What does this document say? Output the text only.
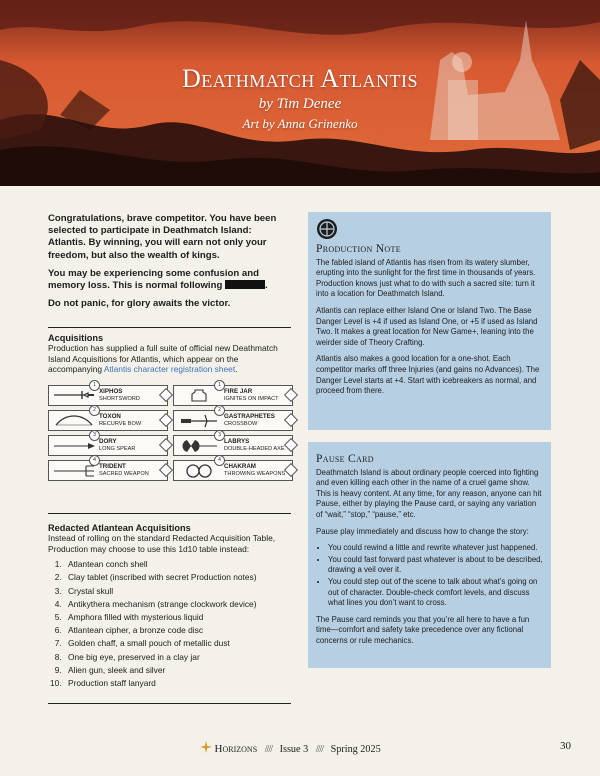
Deathmatch Atlantis
by Tim Denee
Art by Anna Grinenko

Congratulations, brave competitor. You have been selected to participate in Deathmatch Island: Atlantis. By winning, you will earn not only your freedom, but also the wealth of kings.

You may be experiencing some confusion and memory loss. This is normal following	.

Do not panic, for glory awaits the victor.

Acquisitions

Production has supplied a full suite of official new Deathmatch Island Acquisitions for Atlantis, which appear on the accompanying Atlantis character registration sheet.

1
XIPHOS
SHORTSWORD
1
FIRE JAR
IGNITES ON IMPACT
2
TOXON
RECURVE BOW
2
GASTRAPHETES
CROSSBOW
3
DORY
LONG SPEAR
3
LABRYS
DOUBLE-HEADED AXE
4
TRIDENT
SACRED WEAPON
4
CHAKRAM
THROWING WEAPONS

Redacted Atlantean Acquisitions

Instead of rolling on the standard Redacted Acquisition Table, Production may choose to use this 1d10 table instead:

1. Atlantean conch shell
2. Clay tablet (inscribed with secret Production notes)
3. Crystal skull
4. Antikythera mechanism (strange clockwork device)
5. Amphora filled with mysterious liquid
6. Atlantean cipher, a bronze code disc
7. Golden chaff, a small pouch of metallic dust
8. One big eye, preserved in a clay jar
9. Alien gun, sleek and silver
10. Production staff lanyard

Production Note

The fabled island of Atlantis has risen from its watery slumber, erupting into the sunlight for the first time in thousands of years. Production knows just what to do with such a sacred site: turn it into a location for Deathmatch Island.

Atlantis can replace either Island One or Island Two. The Base Danger Level is +4 if used as Island One, or +5 if used as Island Two. It makes a great location for New Game+, leaning into the weirder side of Theory Crafting.

Atlantis also makes a good location for a one-shot. Each competitor marks off three Injuries (and gains no Advances). The Danger Level starts at +4. Start with icebreakers as normal, and proceed from there.

Pause Card

Deathmatch Island is about ordinary people coerced into fighting and even killing each other in the name of a cruel game show. This is heavy content. At any time, for any reason, anyone can hit Pause, either by playing the Pause card, or saying any variation of “wait,” “stop,” “pause,” etc.

Pause play immediately and discuss how to change the story:

• You could rewind a little and rewrite whatever just happened.
• You could fast forward past whatever is about to be described, drawing a veil over it.
• You could step out of the scene to talk about what’s going on out of character. Double-check comfort levels, and discuss what lines you don’t want to cross.

The Pause card reminds you that you’re all here to have a fun time—comfort and safety take precedence over any fictional concerns or rule mechanics.

Horizons //// Issue 3 //// Spring 2025	30
